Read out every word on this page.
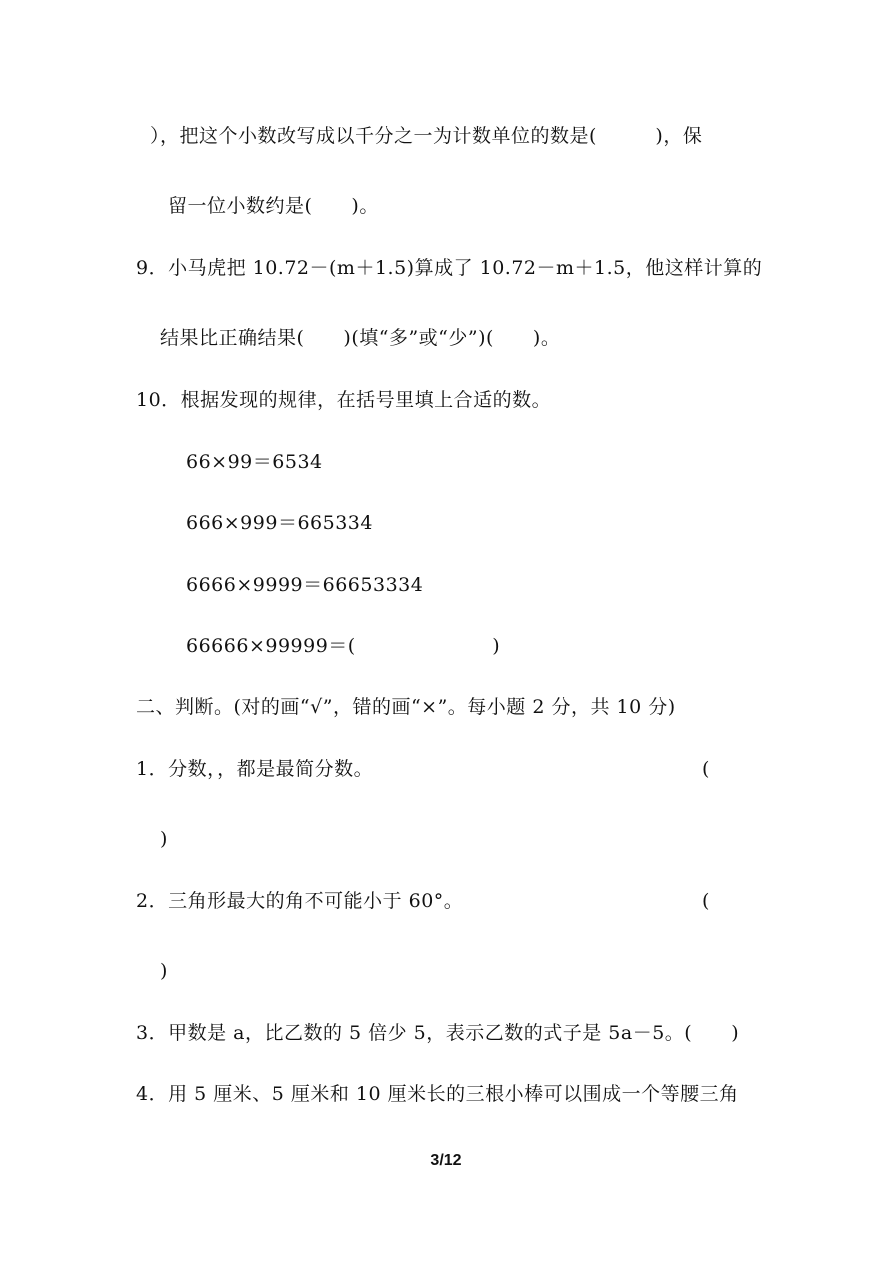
），把这个小数改写成以千分之一为计数单位的数是(　　　)，保
留一位小数约是(　　)。
9．小马虎把 10.72－(m＋1.5)算成了 10.72－m＋1.5，他这样计算的
结果比正确结果(　　)(填“多”或“少”)(　　)。
10．根据发现的规律，在括号里填上合适的数。
66×99＝6534
666×999＝665334
6666×9999＝66653334
66666×99999＝(　　　　　　　)
二、判断。(对的画“√”，错的画“×”。每小题 2 分，共 10 分)
1．分数，，都是最简分数。	(
)
2．三角形最大的角不可能小于 60°。	(
)
3．甲数是 a，比乙数的 5 倍少 5，表示乙数的式子是 5a－5。(　　)
4．用 5 厘米、5 厘米和 10 厘米长的三根小棒可以围成一个等腰三角
3/12
